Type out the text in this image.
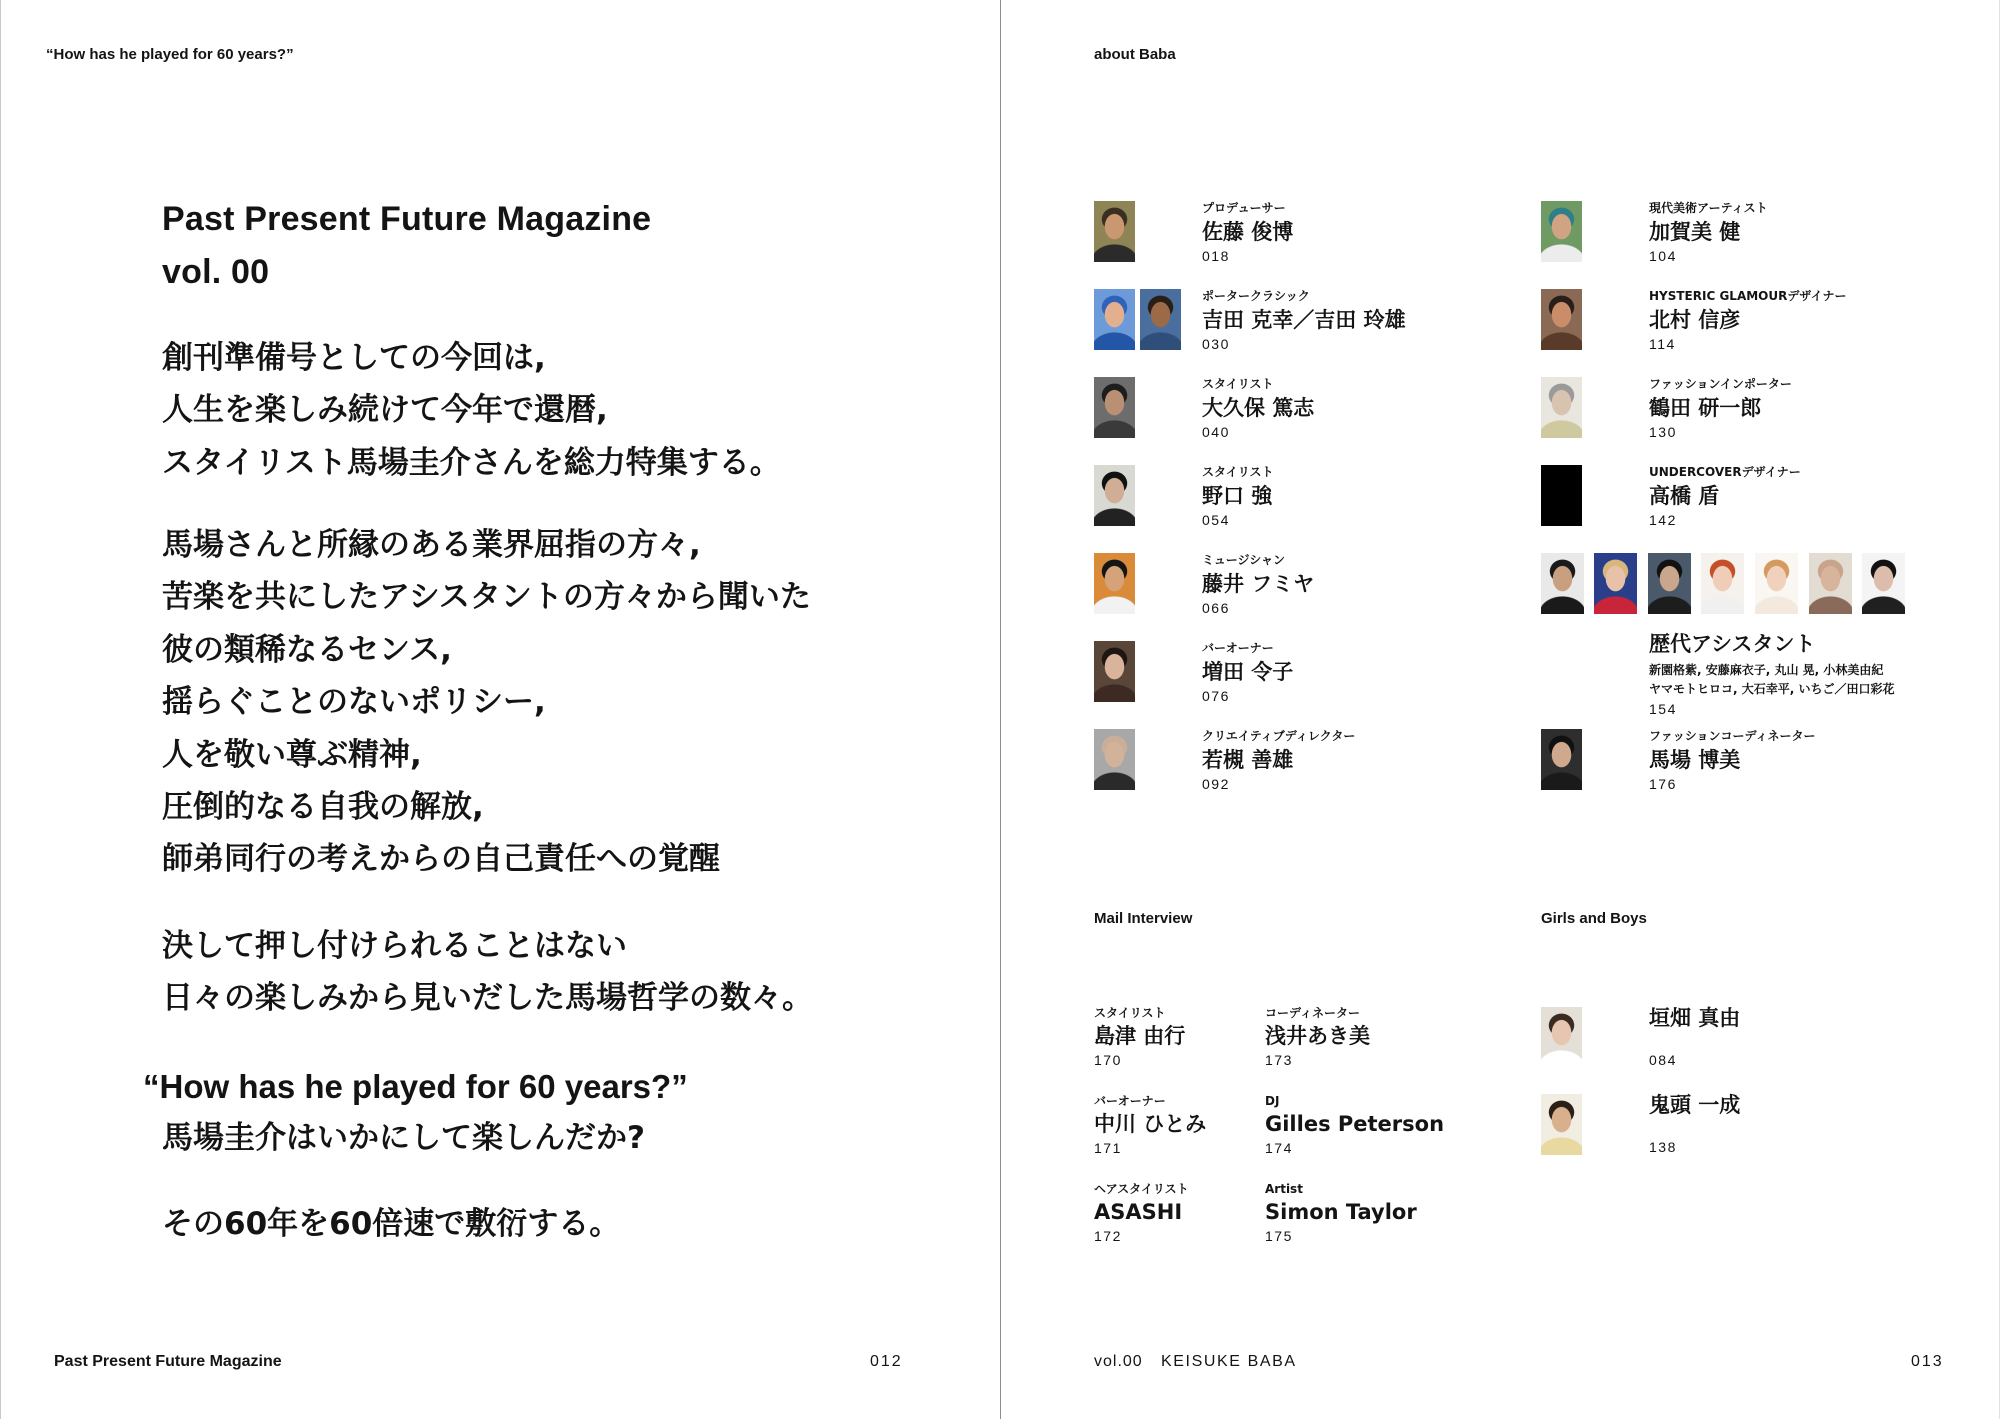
“How has he played for 60 years?”
Past Present Future Magazine
vol. 00
創刊準備号としての今回は,
人生を楽しみ続けて今年で還暦,
スタイリスト馬場圭介さんを総力特集する。
馬場さんと所縁のある業界屈指の方々,
苦楽を共にしたアシスタントの方々から聞いた
彼の類稀なるセンス,
揺らぐことのないポリシー,
人を敬い尊ぶ精神,
圧倒的なる自我の解放,
師弟同行の考えからの自己責任への覚醒
決して押し付けられることはない
日々の楽しみから見いだした馬場哲学の数々。
“How has he played for 60 years?”
馬場圭介はいかにして楽しんだか?
その60年を60倍速で敷衍する。
Past Present Future Magazine	012
about Baba
プロデューサー
佐藤 俊博
018
ポータークラシック
吉田 克幸／吉田 玲雄
030
スタイリスト
大久保 篤志
040
スタイリスト
野口 強
054
ミュージシャン
藤井 フミヤ
066
バーオーナー
増田 令子
076
クリエイティブディレクター
若槻 善雄
092
現代美術アーティスト
加賀美 健
104
HYSTERIC GLAMOURデザイナー
北村 信彦
114
ファッションインポーター
鶴田 研一郎
130
UNDERCOVERデザイナー
高橋 盾
142
歴代アシスタント
新園格紫, 安藤麻衣子, 丸山 晃, 小林美由紀
ヤマモトヒロコ, 大石幸平, いちご／田口彩花
154
ファッションコーディネーター
馬場 博美
176
Mail Interview
スタイリスト
島津 由行
170
バーオーナー
中川 ひとみ
171
ヘアスタイリスト
ASASHI
172
コーディネーター
浅井あき美
173
DJ
Gilles Peterson
174
Artist
Simon Taylor
175
Girls and Boys
垣畑 真由
084
鬼頭 一成
138
vol.00 KEISUKE BABA	013
